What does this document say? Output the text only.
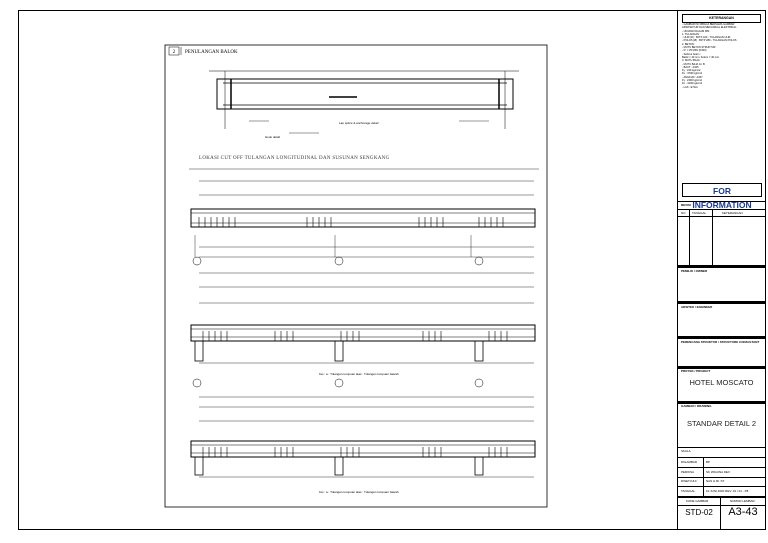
2 PENULANGAN BALOK
Lap splice & anchorage detail
Hook detail
LOKASI CUT OFF TULANGAN LONGITUDINAL DAN SUSUNAN SENGKANG
Ket : a : Tulangan tumpuan atas : Tulangan tumpuan bawah
Ket : a : Tulangan tumpuan atas : Tulangan tumpuan bawah
KETERANGAN
- GAMBAR INI DIBACA BERSAMA GAMBAR
ARSITEKTUR DAN MEKANIKAL ELEKTRIKAL
- UKURAN DALAM MM
1. TULANGAN :
- ULIR (D) : BJTS 420 - TULANGAN ULIR
- POLOS (Ø) : BJTP 280 - TULANGAN POLOS
2. BETON :
- MUTU BETON STRUKTUR
- fc' = 25 MPa (K300)
- Selimut beton :
Balok = 40 mm, Kolom = 40 mm
3. MUTU BAJA :
- MUTU BAJA Gr. B
- BAUT : A325
Fy : 240 kg/cm2
Fu : 3700 kg/cm2
- ANGKUR : A307
Fy : 2400 kg/cm2
Fu : 4100 kg/cm2
- LAS : E70xx
FOR INFORMATION
REVISI
NO TANGGAL	KETERANGAN
PEMILIK / OWNER
ARSITEK / ENGINEER
PERENCANA STRUKTUR / STRUCTURE CONSULTANT
PROYEK / PROJECT
HOTEL MOSCATO
GAMBAR / DRAWING
STANDAR DETAIL 2
SKALA
DIGAMBAR	BP
PERIKSA	SK WIGUNA DEV
DISETUJUI	NAS & IR. ST
TANGGAL	10 JUNI 2020 REV. 01 / 01 - P8
KODE GAMBAR	NOMOR LEMBAR
STD-02	A3-43
